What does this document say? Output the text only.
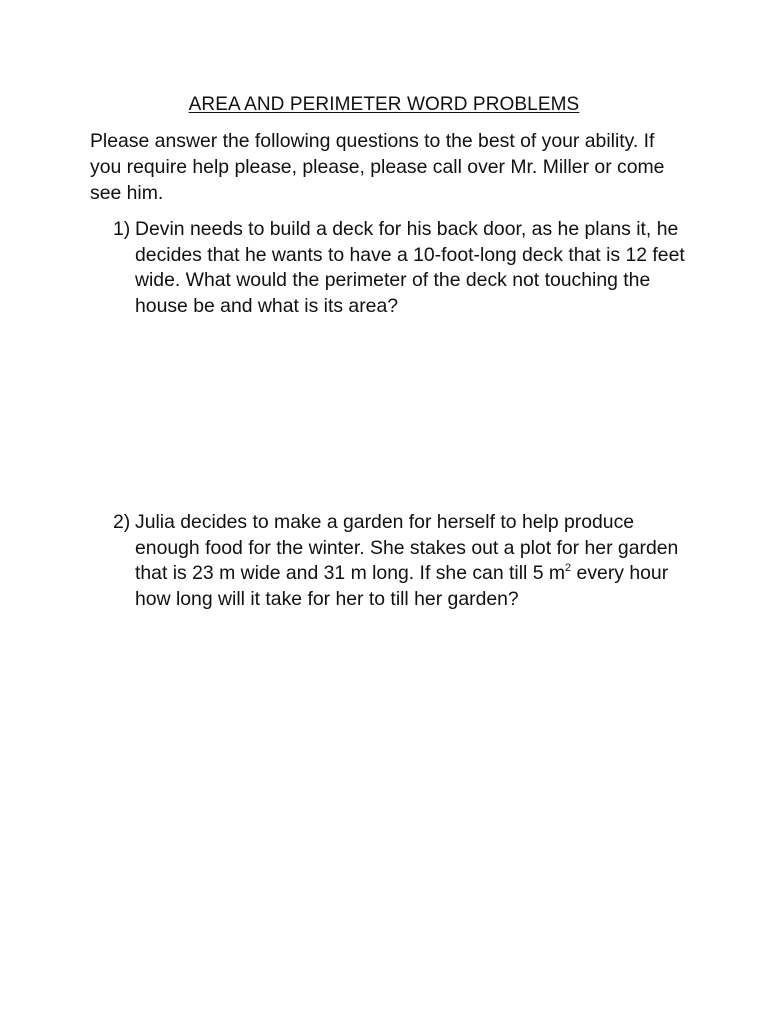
AREA AND PERIMETER WORD PROBLEMS
Please answer the following questions to the best of your ability. If you require help please, please, please call over Mr. Miller or come see him.
1) Devin needs to build a deck for his back door, as he plans it, he decides that he wants to have a 10-foot-long deck that is 12 feet wide. What would the perimeter of the deck not touching the house be and what is its area?
2) Julia decides to make a garden for herself to help produce enough food for the winter. She stakes out a plot for her garden that is 23 m wide and 31 m long. If she can till 5 $m^2$ every hour how long will it take for her to till her garden?
